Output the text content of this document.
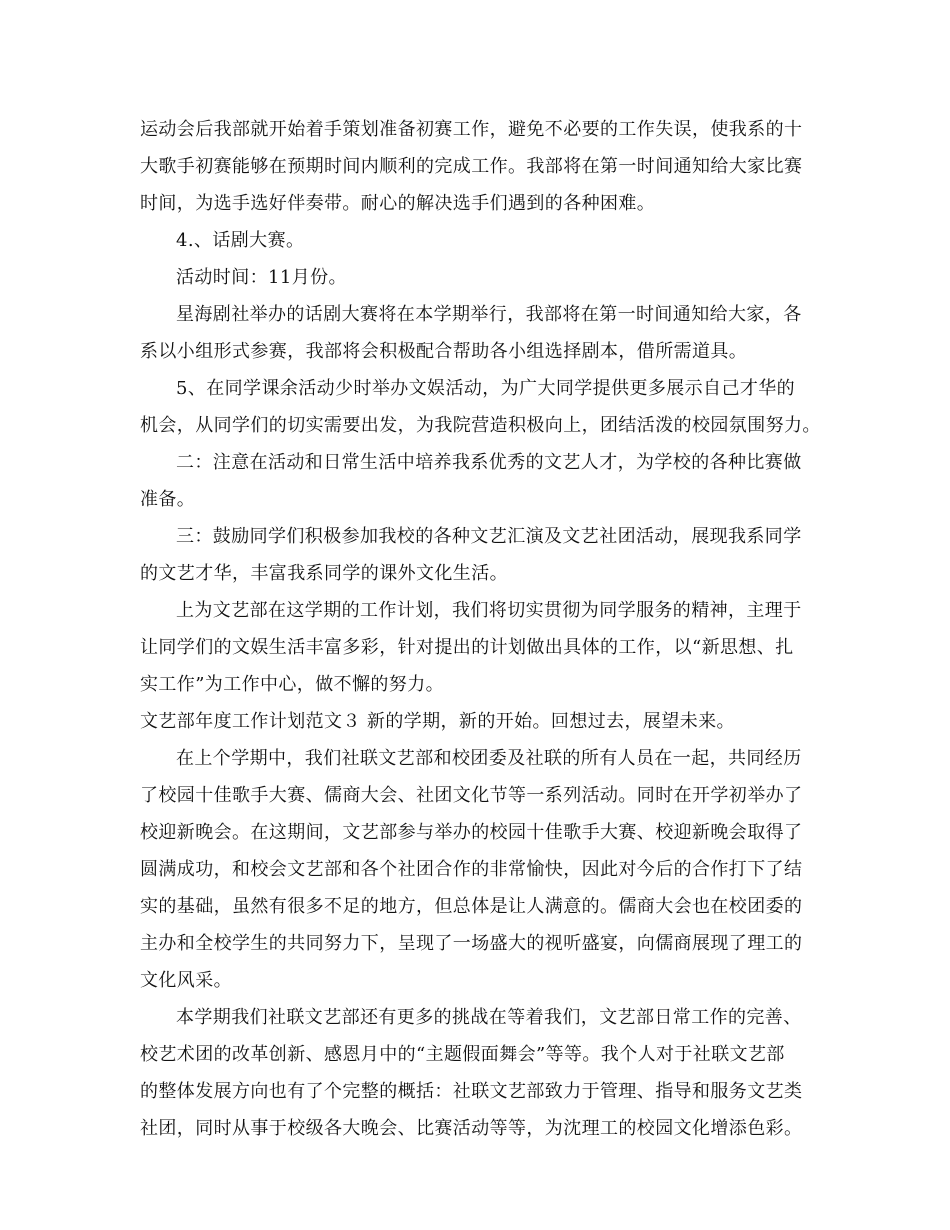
运动会后我部就开始着手策划准备初赛工作，避免不必要的工作失误，使我系的十

大歌手初赛能够在预期时间内顺利的完成工作。我部将在第一时间通知给大家比赛

时间，为选手选好伴奏带。耐心的解决选手们遇到的各种困难。

4.、话剧大赛。

活动时间：11月份。

星海剧社举办的话剧大赛将在本学期举行，我部将在第一时间通知给大家，各

系以小组形式参赛，我部将会积极配合帮助各小组选择剧本，借所需道具。

5、在同学课余活动少时举办文娱活动，为广大同学提供更多展示自己才华的

机会，从同学们的切实需要出发，为我院营造积极向上，团结活泼的校园氛围努力。

二：注意在活动和日常生活中培养我系优秀的文艺人才，为学校的各种比赛做

准备。

三：鼓励同学们积极参加我校的各种文艺汇演及文艺社团活动，展现我系同学

的文艺才华，丰富我系同学的课外文化生活。

上为文艺部在这学期的工作计划，我们将切实贯彻为同学服务的精神，主理于

让同学们的文娱生活丰富多彩，针对提出的计划做出具体的工作，以“新思想、扎

实工作”为工作中心，做不懈的努力。

文艺部年度工作计划范文３ 新的学期，新的开始。回想过去，展望未来。

在上个学期中，我们社联文艺部和校团委及社联的所有人员在一起，共同经历

了校园十佳歌手大赛、儒商大会、社团文化节等一系列活动。同时在开学初举办了

校迎新晚会。在这期间，文艺部参与举办的校园十佳歌手大赛、校迎新晚会取得了

圆满成功，和校会文艺部和各个社团合作的非常愉快，因此对今后的合作打下了结

实的基础，虽然有很多不足的地方，但总体是让人满意的。儒商大会也在校团委的

主办和全校学生的共同努力下，呈现了一场盛大的视听盛宴，向儒商展现了理工的

文化风采。

本学期我们社联文艺部还有更多的挑战在等着我们，文艺部日常工作的完善、

校艺术团的改革创新、感恩月中的“主题假面舞会”等等。我个人对于社联文艺部

的整体发展方向也有了个完整的概括：社联文艺部致力于管理、指导和服务文艺类

社团，同时从事于校级各大晚会、比赛活动等等，为沈理工的校园文化增添色彩。
